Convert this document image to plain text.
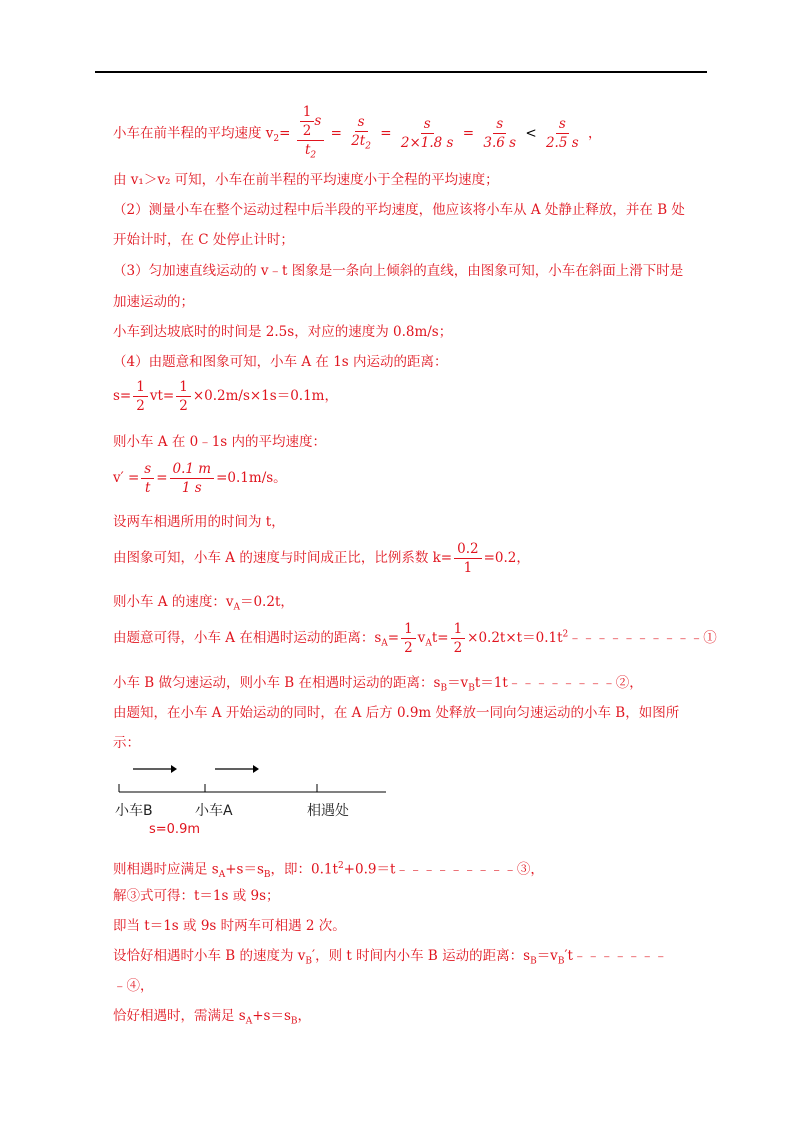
小车在前半程的平均速度 $v_2= \frac{\frac{1}{2} s}{t_2} = \frac{s}{2t_2} = \frac{s}{2\times 1.8 s} = \frac{s}{3.6 s} < \frac{s}{2.5 s}$ ，
由 v₁＞v₂ 可知，小车在前半程的平均速度小于全程的平均速度；
（2）测量小车在整个运动过程中后半段的平均速度，他应该将小车从 A 处静止释放，并在 B 处
开始计时，在 C 处停止计时；
（3）匀加速直线运动的 v﹣t 图象是一条向上倾斜的直线，由图象可知，小车在斜面上滑下时是
加速运动的；
小车到达坡底时的时间是 2.5s，对应的速度为 0.8m/s；
（4）由题意和图象可知，小车 A 在 1s 内运动的距离：
$s= \frac{1}{2} vt= \frac{1}{2} \times 0.2m/s\times 1s=0.1m$，
则小车 A 在 0﹣1s 内的平均速度：
$v' = \frac{s}{t} = \frac{0.1 m}{1 s} =0.1m/s$。
设两车相遇所用的时间为 t，
由图象可知，小车 A 的速度与时间成正比，比例系数 $k= \frac{0.2}{1} =0.2$，
则小车 A 的速度：$v_A=0.2t$，
由题意可得，小车 A 在相遇时运动的距离：$s_A= \frac{1}{2} v_At= \frac{1}{2}$ $\times 0.2t\times t=0.1t^2﹣﹣﹣﹣﹣﹣﹣﹣﹣﹣①$
小车 B 做匀速运动，则小车 B 在相遇时运动的距离：$s_B=v_Bt=1t﹣﹣﹣﹣﹣﹣﹣﹣②$，
由题知，在小车 A 开始运动的同时，在 A 后方 0.9m 处释放一同向匀速运动的小车 B，如图所
示：
小车B	小车A	相遇处
s=0.9m
则相遇时应满足 $s_A+s=s_B$，即：$0.1t^2+0.9=t﹣﹣﹣﹣﹣﹣﹣﹣﹣③$，
解③式可得：t＝1s 或 9s；
即当 t＝1s 或 9s 时两车可相遇 2 次。
设恰好相遇时小车 B 的速度为 $v_B'$，则 t 时间内小车 B 运动的距离：$s_B=v_B't﹣﹣﹣﹣﹣﹣﹣$
﹣④，
恰好相遇时，需满足 $s_A+s=s_B$，
